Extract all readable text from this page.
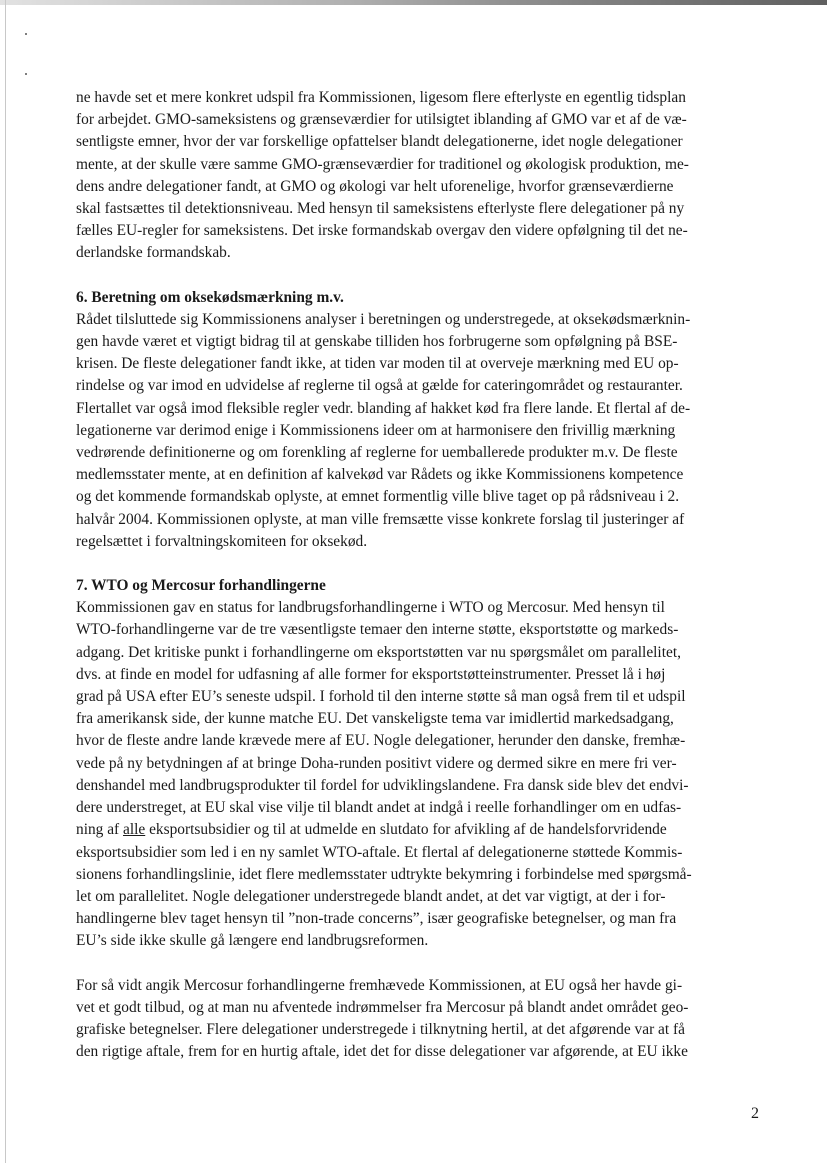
ne havde set et mere konkret udspil fra Kommissionen, ligesom flere efterlyste en egentlig tidsplan
for arbejdet. GMO-sameksistens og grænseværdier for utilsigtet iblanding af GMO var et af de væ-
sentligste emner, hvor der var forskellige opfattelser blandt delegationerne, idet nogle delegationer
mente, at der skulle være samme GMO-grænseværdier for traditionel og økologisk produktion, me-
dens andre delegationer fandt, at GMO og økologi var helt uforenelige, hvorfor grænseværdierne
skal fastsættes til detektionsniveau. Med hensyn til sameksistens efterlyste flere delegationer på ny
fælles EU-regler for sameksistens. Det irske formandskab overgav den videre opfølgning til det ne-
derlandske formandskab.
6. Beretning om oksekødsmærkning m.v.
Rådet tilsluttede sig Kommissionens analyser i beretningen og understregede, at oksekødsmærknin-
gen havde været et vigtigt bidrag til at genskabe tilliden hos forbrugerne som opfølgning på BSE-
krisen. De fleste delegationer fandt ikke, at tiden var moden til at overveje mærkning med EU op-
rindelse og var imod en udvidelse af reglerne til også at gælde for cateringområdet og restauranter.
Flertallet var også imod fleksible regler vedr. blanding af hakket kød fra flere lande. Et flertal af de-
legationerne var derimod enige i Kommissionens ideer om at harmonisere den frivillig mærkning
vedrørende definitionerne og om forenkling af reglerne for uemballerede produkter m.v. De fleste
medlemsstater mente, at en definition af kalvekød var Rådets og ikke Kommissionens kompetence
og det kommende formandskab oplyste, at emnet formentlig ville blive taget op på rådsniveau i 2.
halvår 2004. Kommissionen oplyste, at man ville fremsætte visse konkrete forslag til justeringer af
regelsættet i forvaltningskomiteen for oksekød.
7. WTO og Mercosur forhandlingerne
Kommissionen gav en status for landbrugsforhandlingerne i WTO og Mercosur. Med hensyn til
WTO-forhandlingerne var de tre væsentligste temaer den interne støtte, eksportstøtte og markeds-
adgang. Det kritiske punkt i forhandlingerne om eksportstøtten var nu spørgsmålet om parallelitet,
dvs. at finde en model for udfasning af alle former for eksportstøtteinstrumenter. Presset lå i høj
grad på USA efter EU’s seneste udspil. I forhold til den interne støtte så man også frem til et udspil
fra amerikansk side, der kunne matche EU. Det vanskeligste tema var imidlertid markedsadgang,
hvor de fleste andre lande krævede mere af EU. Nogle delegationer, herunder den danske, fremhæ-
vede på ny betydningen af at bringe Doha-runden positivt videre og dermed sikre en mere fri ver-
denshandel med landbrugsprodukter til fordel for udviklingslandene. Fra dansk side blev det endvi-
dere understreget, at EU skal vise vilje til blandt andet at indgå i reelle forhandlinger om en udfas-
ning af alle eksportsubsidier og til at udmelde en slutdato for afvikling af de handelsforvridende
eksportsubsidier som led i en ny samlet WTO-aftale. Et flertal af delegationerne støttede Kommis-
sionens forhandlingslinie, idet flere medlemsstater udtrykte bekymring i forbindelse med spørgsmå-
let om parallelitet. Nogle delegationer understregede blandt andet, at det var vigtigt, at der i for-
handlingerne blev taget hensyn til ”non-trade concerns”, især geografiske betegnelser, og man fra
EU’s side ikke skulle gå længere end landbrugsreformen.
For så vidt angik Mercosur forhandlingerne fremhævede Kommissionen, at EU også her havde gi-
vet et godt tilbud, og at man nu afventede indrømmelser fra Mercosur på blandt andet området geo-
grafiske betegnelser. Flere delegationer understregede i tilknytning hertil, at det afgørende var at få
den rigtige aftale, frem for en hurtig aftale, idet det for disse delegationer var afgørende, at EU ikke
2
